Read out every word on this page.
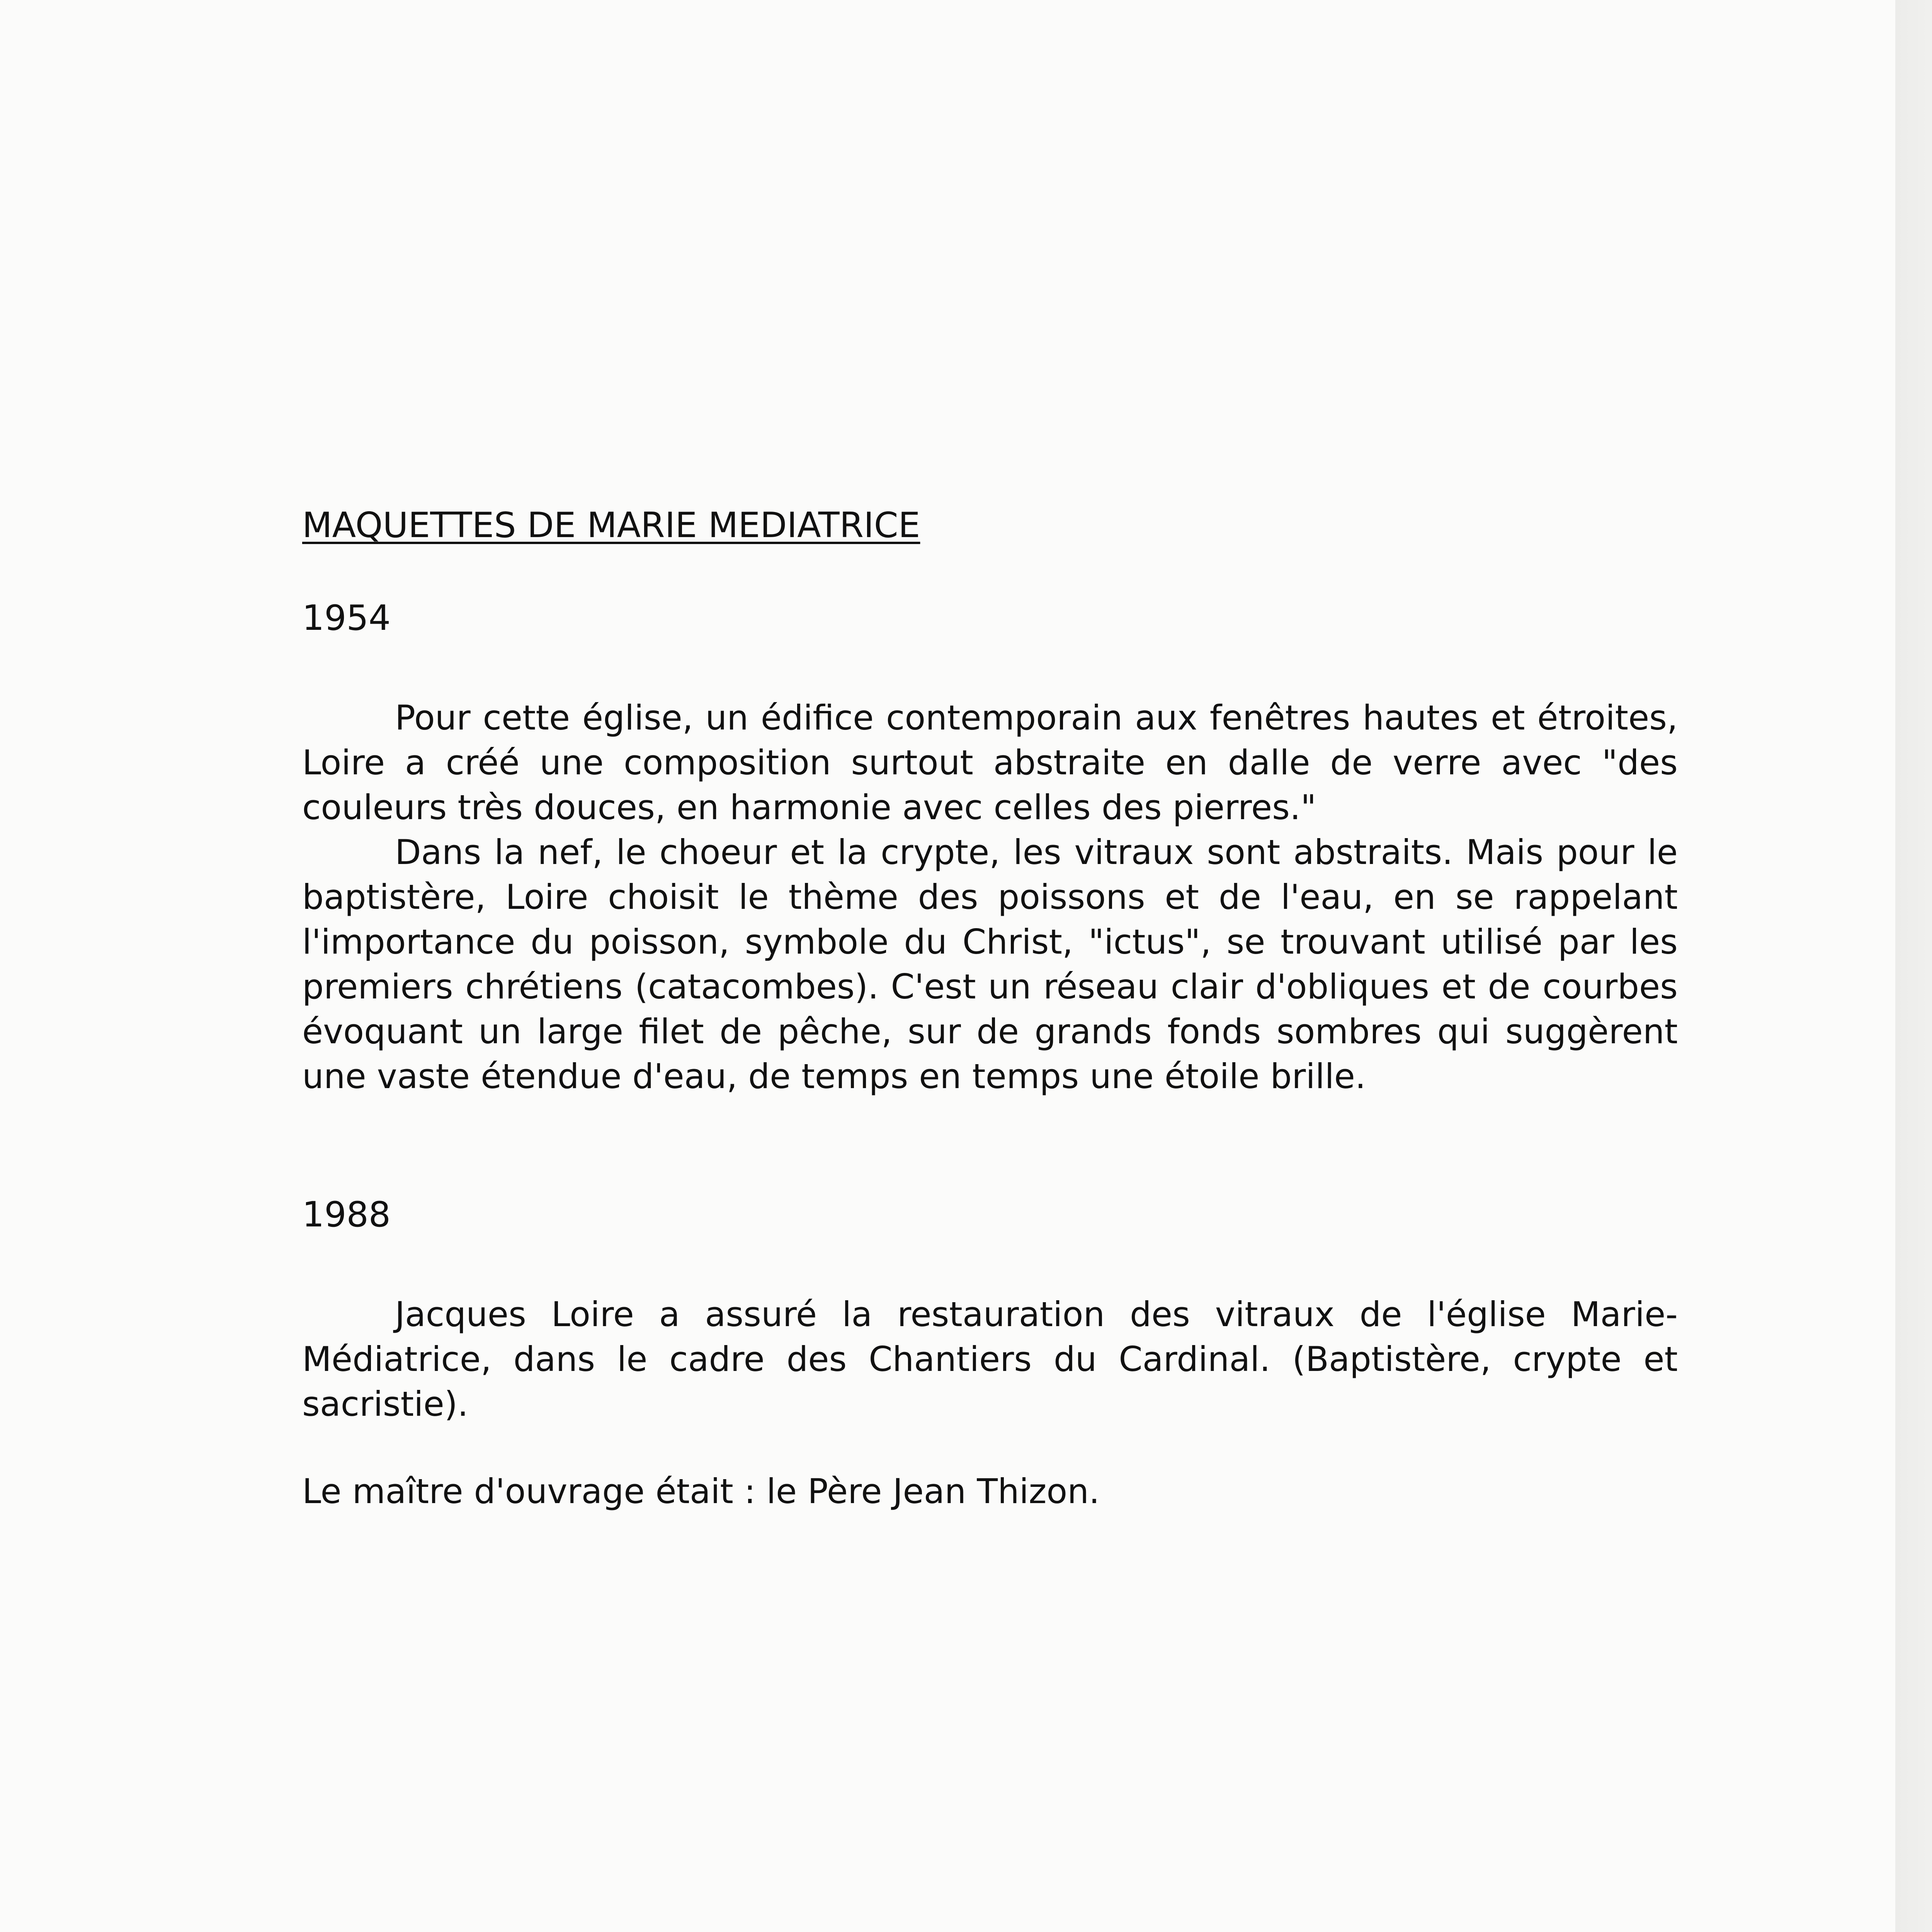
MAQUETTES DE MARIE MEDIATRICE
1954

Pour cette église, un édifice contemporain aux fenêtres hautes et étroites, Loire a créé une composition surtout abstraite en dalle de verre avec "des couleurs très douces, en harmonie avec celles des pierres."

Dans la nef, le choeur et la crypte, les vitraux sont abstraits. Mais pour le baptistère, Loire choisit le thème des poissons et de l'eau, en se rappelant l'importance du poisson, symbole du Christ, "ictus", se trouvant utilisé par les premiers chrétiens (catacombes). C'est un réseau clair d'obliques et de courbes évoquant un large filet de pêche, sur de grands fonds sombres qui suggèrent une vaste étendue d'eau, de temps en temps une étoile brille.

1988

Jacques Loire a assuré la restauration des vitraux de l'église Marie-Médiatrice, dans le cadre des Chantiers du Cardinal. (Baptistère, crypte et sacristie).

Le maître d'ouvrage était : le Père Jean Thizon.
